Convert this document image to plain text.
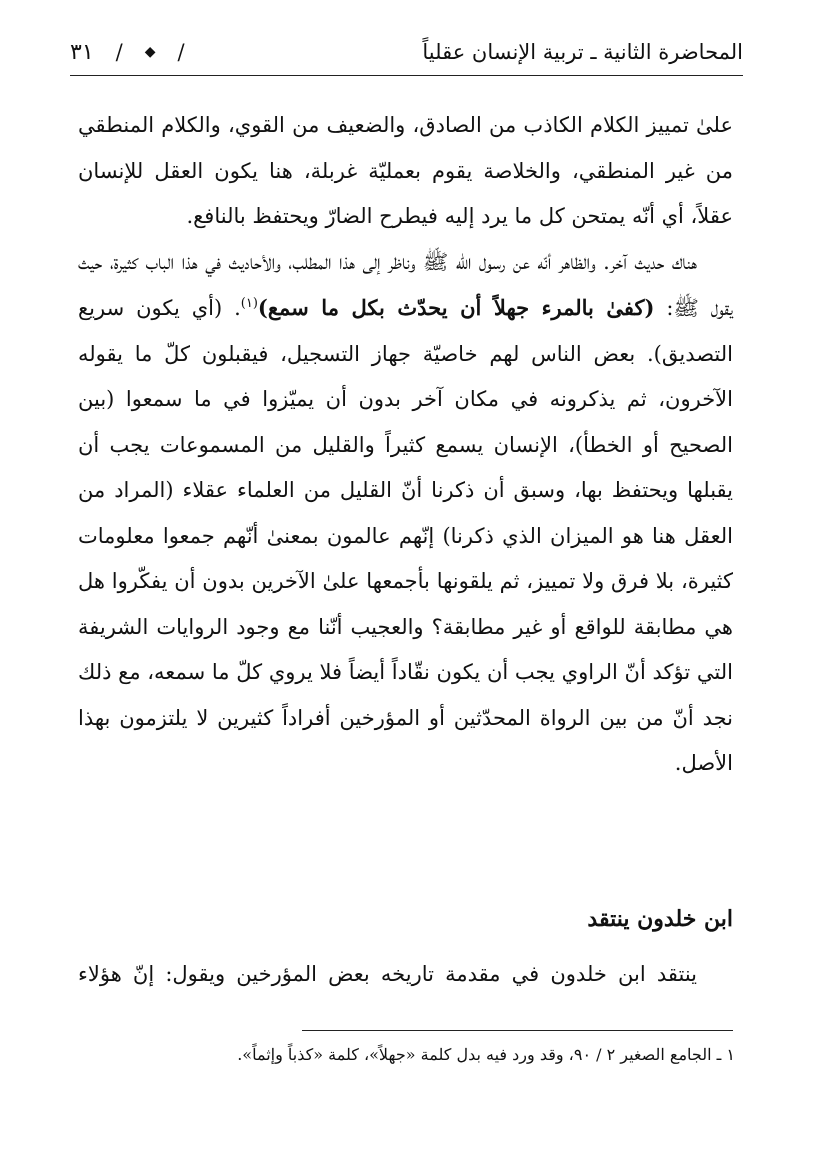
المحاضرة الثانية ـ تربية الإنسان عقلياً
/
◆
/
٣١

علىٰ تمييز الكلام الكاذب من الصادق، والضعيف من القوي، والكلام المنطقي من غير المنطقي، والخلاصة يقوم بعمليّة غربلة، هنا يكون العقل للإنسان عقلاً، أي أنّه يمتحن كل ما يرد إليه فيطرح الضارّ ويحتفظ بالنافع.

هناك حديث آخر. والظاهر أنّه عن رسول الله ﷺ وناظر إلى هذا المطلب، والأحاديث في هذا الباب كثيرة، حيث يقول ﷺ: (كفىٰ بالمرء جهلاً أن يحدّث بكل ما سمع)$^{(١)}$. (أي يكون سريع التصديق). بعض الناس لهم خاصيّة جهاز التسجيل، فيقبلون كلّ ما يقوله الآخرون، ثم يذكرونه في مكان آخر بدون أن يميّزوا في ما سمعوا (بين الصحيح أو الخطأ)، الإنسان يسمع كثيراً والقليل من المسموعات يجب أن يقبلها ويحتفظ بها، وسبق أن ذكرنا أنّ القليل من العلماء عقلاء (المراد من العقل هنا هو الميزان الذي ذكرنا) إنّهم عالمون بمعنىٰ أنّهم جمعوا معلومات كثيرة، بلا فرق ولا تمييز، ثم يلقونها بأجمعها علىٰ الآخرين بدون أن يفكّروا هل هي مطابقة للواقع أو غير مطابقة؟ والعجيب أنّنا مع وجود الروايات الشريفة التي تؤكد أنّ الراوي يجب أن يكون نقّاداً أيضاً فلا يروي كلّ ما سمعه، مع ذلك نجد أنّ من بين الرواة المحدّثين أو المؤرخين أفراداً كثيرين لا يلتزمون بهذا الأصل.

ابن خلدون ينتقد

ينتقد ابن خلدون في مقدمة تاريخه بعض المؤرخين ويقول: إنّ هؤلاء

١ ـ الجامع الصغير ٢ / ٩٠، وقد ورد فيه بدل كلمة «جهلاً»، كلمة «كذباً وإثماً».
